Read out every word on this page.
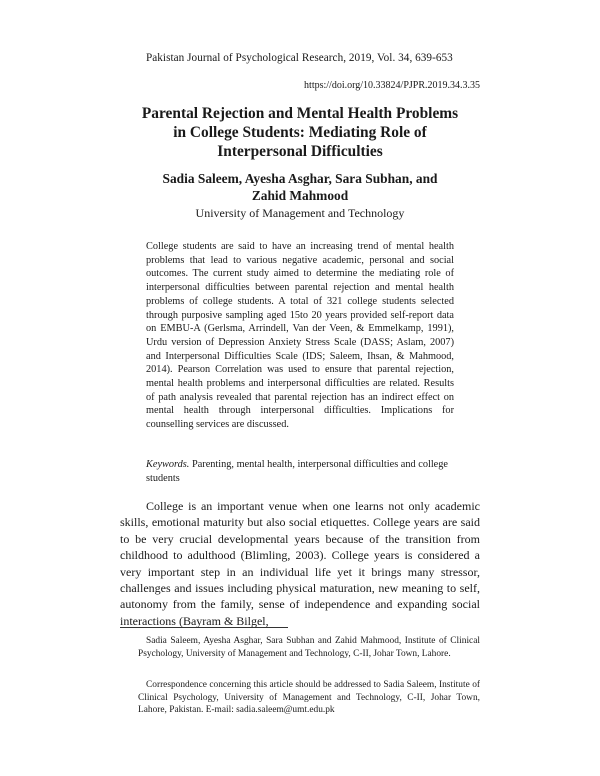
Pakistan Journal of Psychological Research, 2019, Vol. 34, 639-653
https://doi.org/10.33824/PJPR.2019.34.3.35
Parental Rejection and Mental Health Problems
in College Students: Mediating Role of
Interpersonal Difficulties
Sadia Saleem, Ayesha Asghar, Sara Subhan, and
Zahid Mahmood
University of Management and Technology
College students are said to have an increasing trend of mental health problems that lead to various negative academic, personal and social outcomes. The current study aimed to determine the mediating role of interpersonal difficulties between parental rejection and mental health problems of college students. A total of 321 college students selected through purposive sampling aged 15to 20 years provided self-report data on EMBU-A (Gerlsma, Arrindell, Van der Veen, & Emmelkamp, 1991), Urdu version of Depression Anxiety Stress Scale (DASS; Aslam, 2007) and Interpersonal Difficulties Scale (IDS; Saleem, Ihsan, & Mahmood, 2014). Pearson Correlation was used to ensure that parental rejection, mental health problems and interpersonal difficulties are related. Results of path analysis revealed that parental rejection has an indirect effect on mental health through interpersonal difficulties. Implications for counselling services are discussed.
Keywords. Parenting, mental health, interpersonal difficulties and college students
College is an important venue when one learns not only academic skills, emotional maturity but also social etiquettes. College years are said to be very crucial developmental years because of the transition from childhood to adulthood (Blimling, 2003). College years is considered a very important step in an individual life yet it brings many stressor, challenges and issues including physical maturation, new meaning to self, autonomy from the family, sense of independence and expanding social interactions (Bayram & Bilgel,
Sadia Saleem, Ayesha Asghar, Sara Subhan and Zahid Mahmood, Institute of Clinical Psychology, University of Management and Technology, C-II, Johar Town, Lahore.
Correspondence concerning this article should be addressed to Sadia Saleem, Institute of Clinical Psychology, University of Management and Technology, C-II, Johar Town, Lahore, Pakistan. E-mail: sadia.saleem@umt.edu.pk
